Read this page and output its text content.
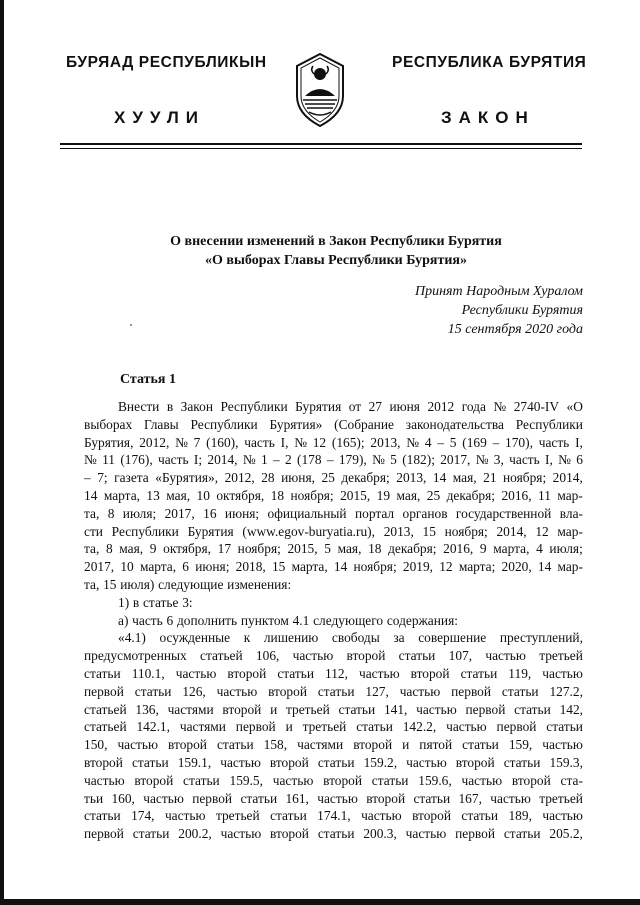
БУРЯАД РЕСПУБЛИКЫН
ХУУЛИ
РЕСПУБЛИКА БУРЯТИЯ
ЗАКОН
О внесении изменений в Закон Республики Бурятия
«О выборах Главы Республики Бурятия»
Принят Народным Хуралом
Республики Бурятия
15 сентября 2020 года
Статья 1
Внести в Закон Республики Бурятия от 27 июня 2012 года № 2740-IV «О
выборах Главы Республики Бурятия» (Собрание законодательства Республики
Бурятия, 2012, № 7 (160), часть I, № 12 (165); 2013, № 4 – 5 (169 – 170), часть I,
№ 11 (176), часть I; 2014, № 1 – 2 (178 – 179), № 5 (182); 2017, № 3, часть I, № 6
– 7; газета «Бурятия», 2012, 28 июня, 25 декабря; 2013, 14 мая, 21 ноября; 2014,
14 марта, 13 мая, 10 октября, 18 ноября; 2015, 19 мая, 25 декабря; 2016, 11 мар-
та, 8 июля; 2017, 16 июня; официальный портал органов государственной вла-
сти Республики Бурятия (www.egov-buryatia.ru), 2013, 15 ноября; 2014, 12 мар-
та, 8 мая, 9 октября, 17 ноября; 2015, 5 мая, 18 декабря; 2016, 9 марта, 4 июля;
2017, 10 марта, 6 июня; 2018, 15 марта, 14 ноября; 2019, 12 марта; 2020, 14 мар-
та, 15 июля) следующие изменения:
1) в статье 3:
а) часть 6 дополнить пунктом 4.1 следующего содержания:
«4.1) осужденные к лишению свободы за совершение преступлений,
предусмотренных статьей 106, частью второй статьи 107, частью третьей
статьи 110.1, частью второй статьи 112, частью второй статьи 119, частью
первой статьи 126, частью второй статьи 127, частью первой статьи 127.2,
статьей 136, частями второй и третьей статьи 141, частью первой статьи 142,
статьей 142.1, частями первой и третьей статьи 142.2, частью первой статьи
150, частью второй статьи 158, частями второй и пятой статьи 159, частью
второй статьи 159.1, частью второй статьи 159.2, частью второй статьи 159.3,
частью второй статьи 159.5, частью второй статьи 159.6, частью второй ста-
тьи 160, частью первой статьи 161, частью второй статьи 167, частью третьей
статьи 174, частью третьей статьи 174.1, частью второй статьи 189, частью
первой статьи 200.2, частью второй статьи 200.3, частью первой статьи 205.2,
